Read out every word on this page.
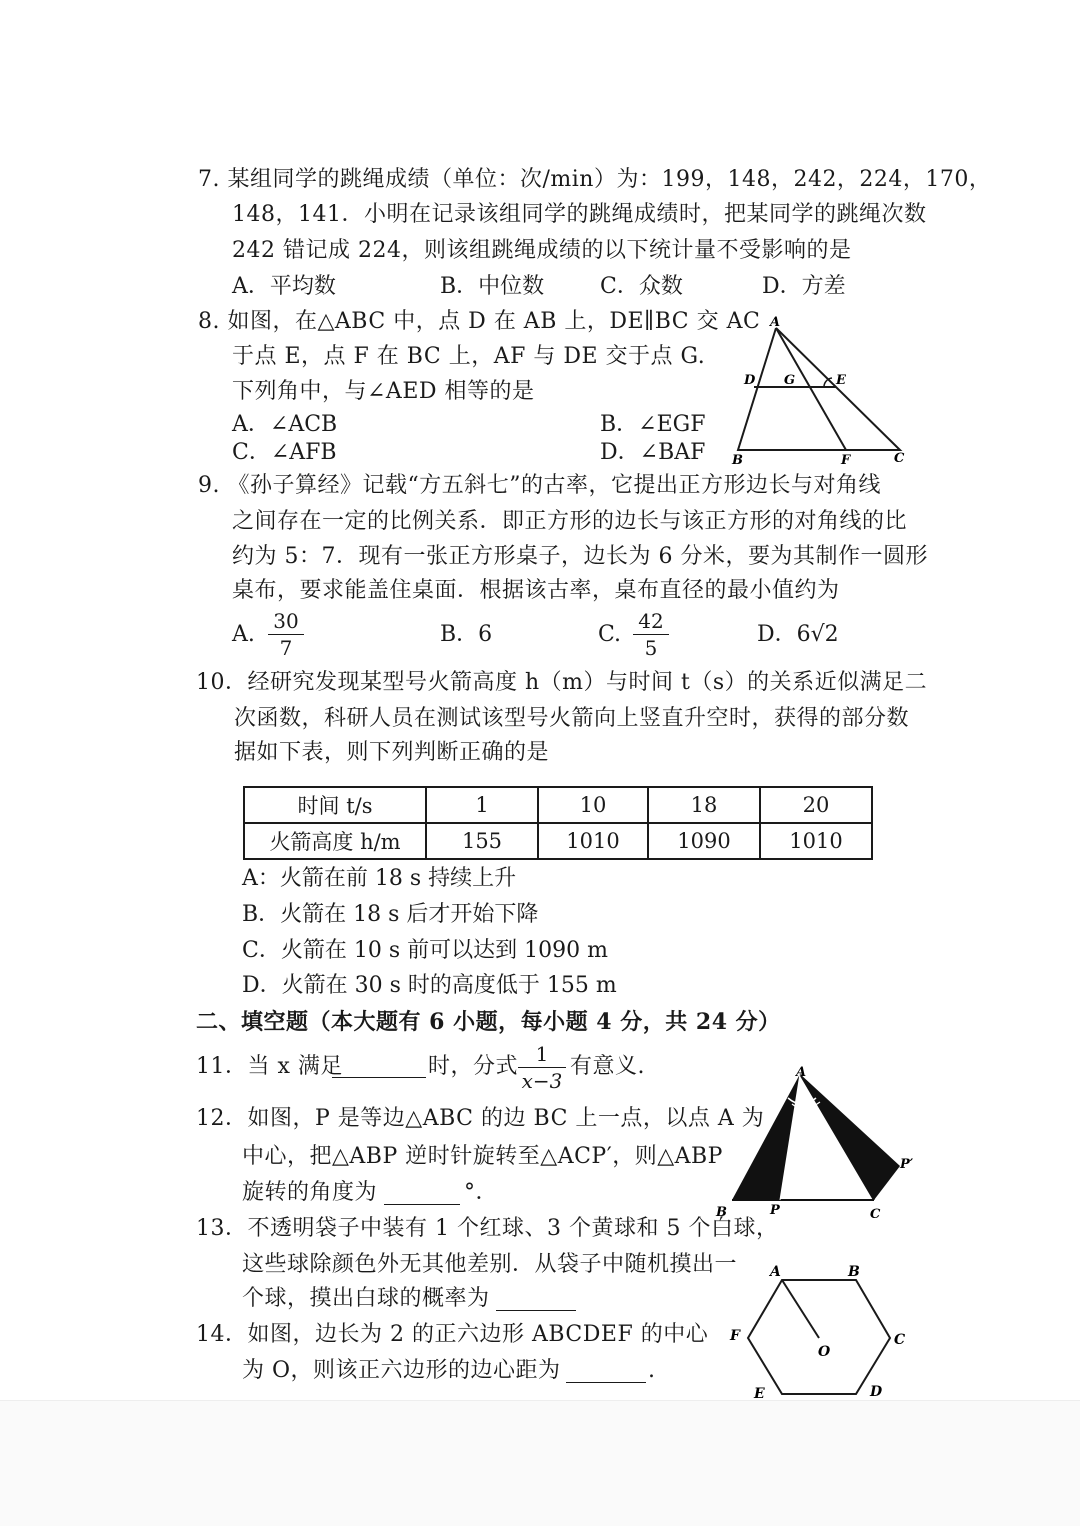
7. 某组同学的跳绳成绩（单位：次/min）为：199，148，242，224，170，
148，141．小明在记录该组同学的跳绳成绩时，把某同学的跳绳次数
242 错记成 224，则该组跳绳成绩的以下统计量不受影响的是
A．平均数	B．中位数	C．众数	D．方差
8. 如图，在△ABC 中，点 D 在 AB 上，DE∥BC 交 AC
于点 E，点 F 在 BC 上，AF 与 DE 交于点 G.
下列角中，与∠AED 相等的是
A．∠ACB	B．∠EGF
C．∠AFB	D．∠BAF
A
D G	E
B	F	C
9. 《孙子算经》记载“方五斜七”的古率，它提出正方形边长与对角线
之间存在一定的比例关系．即正方形的边长与该正方形的对角线的比
约为 5：7．现有一张正方形桌子，边长为 6 分米，要为其制作一圆形
桌布，要求能盖住桌面．根据该古率，桌布直径的最小值约为
A. $\frac{30}{7}$	B．6	C. $\frac{42}{5}$	D．6√2
10．经研究发现某型号火箭高度 h（m）与时间 t（s）的关系近似满足二
次函数，科研人员在测试该型号火箭向上竖直升空时，获得的部分数
据如下表，则下列判断正确的是
时间 t/s	1	10	18	20
火箭高度 h/m	155	1010	1090	1010
A：火箭在前 18 s 持续上升
B．火箭在 18 s 后才开始下降
C．火箭在 10 s 前可以达到 1090 m
D．火箭在 30 s 时的高度低于 155 m
二、填空题（本大题有 6 小题，每小题 4 分，共 24 分）
11．当 x 满足	时，分式 $\frac{1}{x-3}$ 有意义.
12．如图，P 是等边△ABC 的边 BC 上一点，以点 A 为
中心，把△ABP 逆时针旋转至△ACP′，则△ABP
旋转的角度为	°．
A
B	P	C
P′
13．不透明袋子中装有 1 个红球、3 个黄球和 5 个白球，
这些球除颜色外无其他差别．从袋子中随机摸出一
个球，摸出白球的概率为
14．如图，边长为 2 的正六边形 ABCDEF 的中心
为 O，则该正六边形的边心距为	.
A	B
C
D
E
F
O
